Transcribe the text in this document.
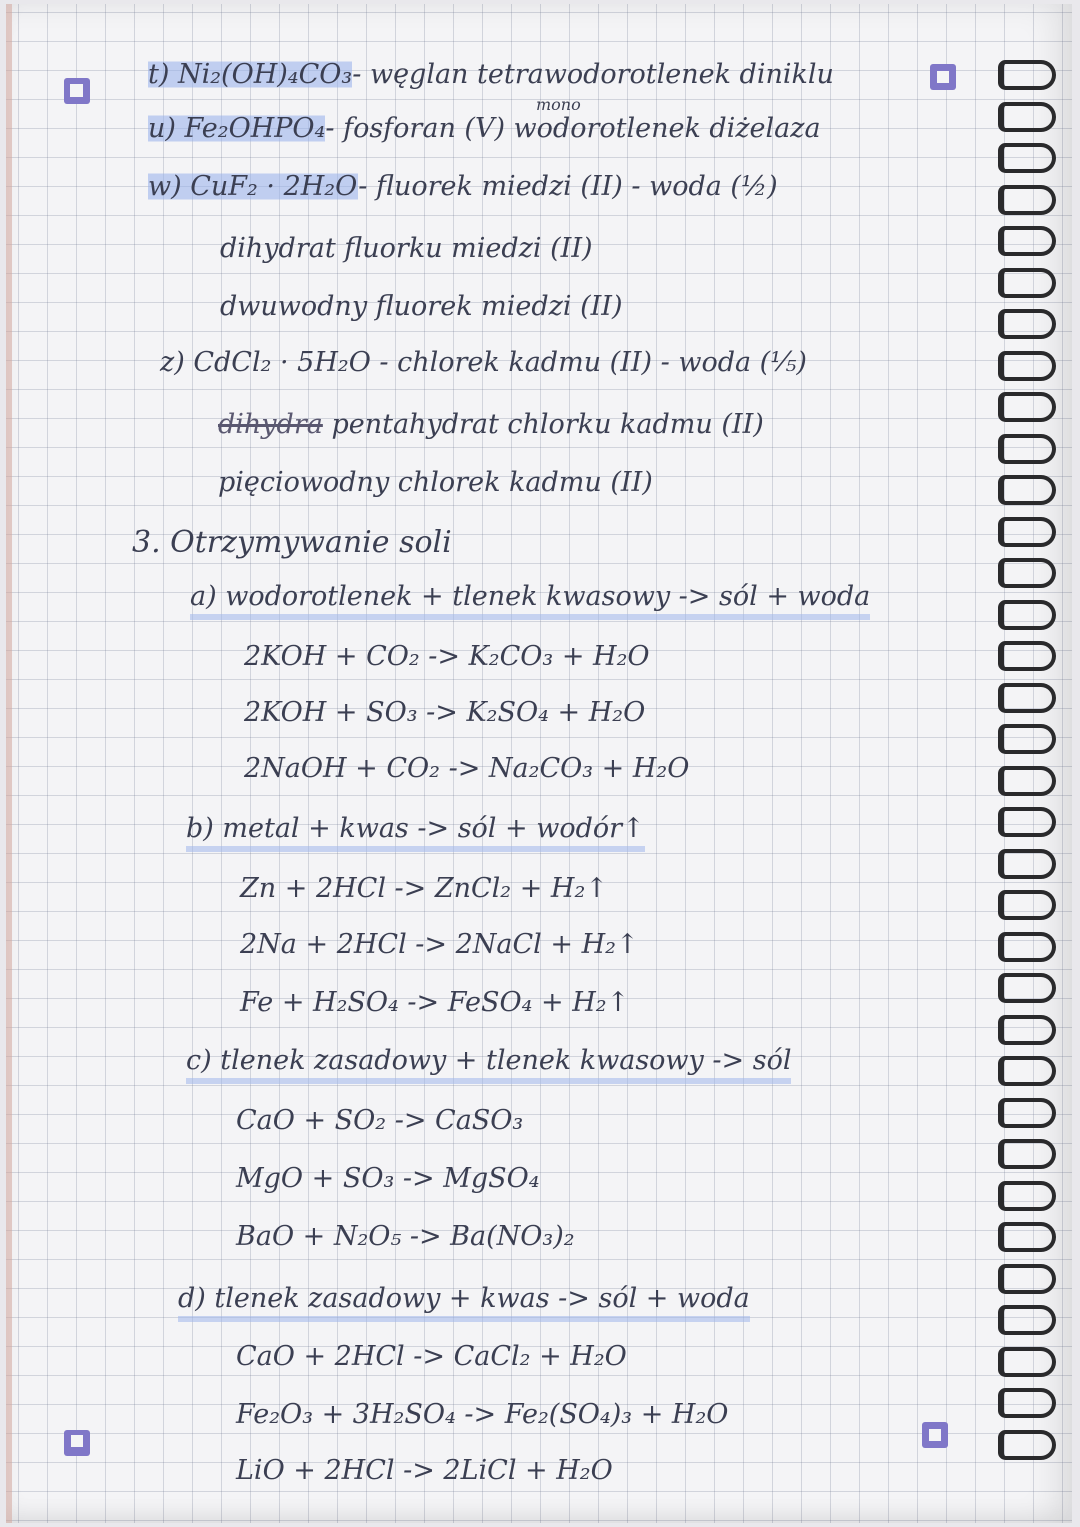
t) Ni₂(OH)₄CO₃- węglan tetrawodorotlenek diniklu
mono
u) Fe₂OHPO₄- fosforan (V) wodorotlenek diżelaza
w) CuF₂ · 2H₂O- fluorek miedzi (II) - woda (½)
dihydrat fluorku miedzi (II)
dwuwodny fluorek miedzi (II)
z) CdCl₂ · 5H₂O - chlorek kadmu (II) - woda (⅕)
dihydra pentahydrat chlorku kadmu (II)
pięciowodny chlorek kadmu (II)
3. Otrzymywanie soli
a) wodorotlenek + tlenek kwasowy -> sól + woda
2KOH + CO₂ -> K₂CO₃ + H₂O
2KOH + SO₃ -> K₂SO₄ + H₂O
2NaOH + CO₂ -> Na₂CO₃ + H₂O
b) metal + kwas -> sól + wodór↑
Zn + 2HCl -> ZnCl₂ + H₂↑
2Na + 2HCl -> 2NaCl + H₂↑
Fe + H₂SO₄ -> FeSO₄ + H₂↑
c) tlenek zasadowy + tlenek kwasowy -> sól
CaO + SO₂ -> CaSO₃
MgO + SO₃ -> MgSO₄
BaO + N₂O₅ -> Ba(NO₃)₂
d) tlenek zasadowy + kwas -> sól + woda
CaO + 2HCl -> CaCl₂ + H₂O
Fe₂O₃ + 3H₂SO₄ -> Fe₂(SO₄)₃ + H₂O
LiO + 2HCl -> 2LiCl + H₂O
